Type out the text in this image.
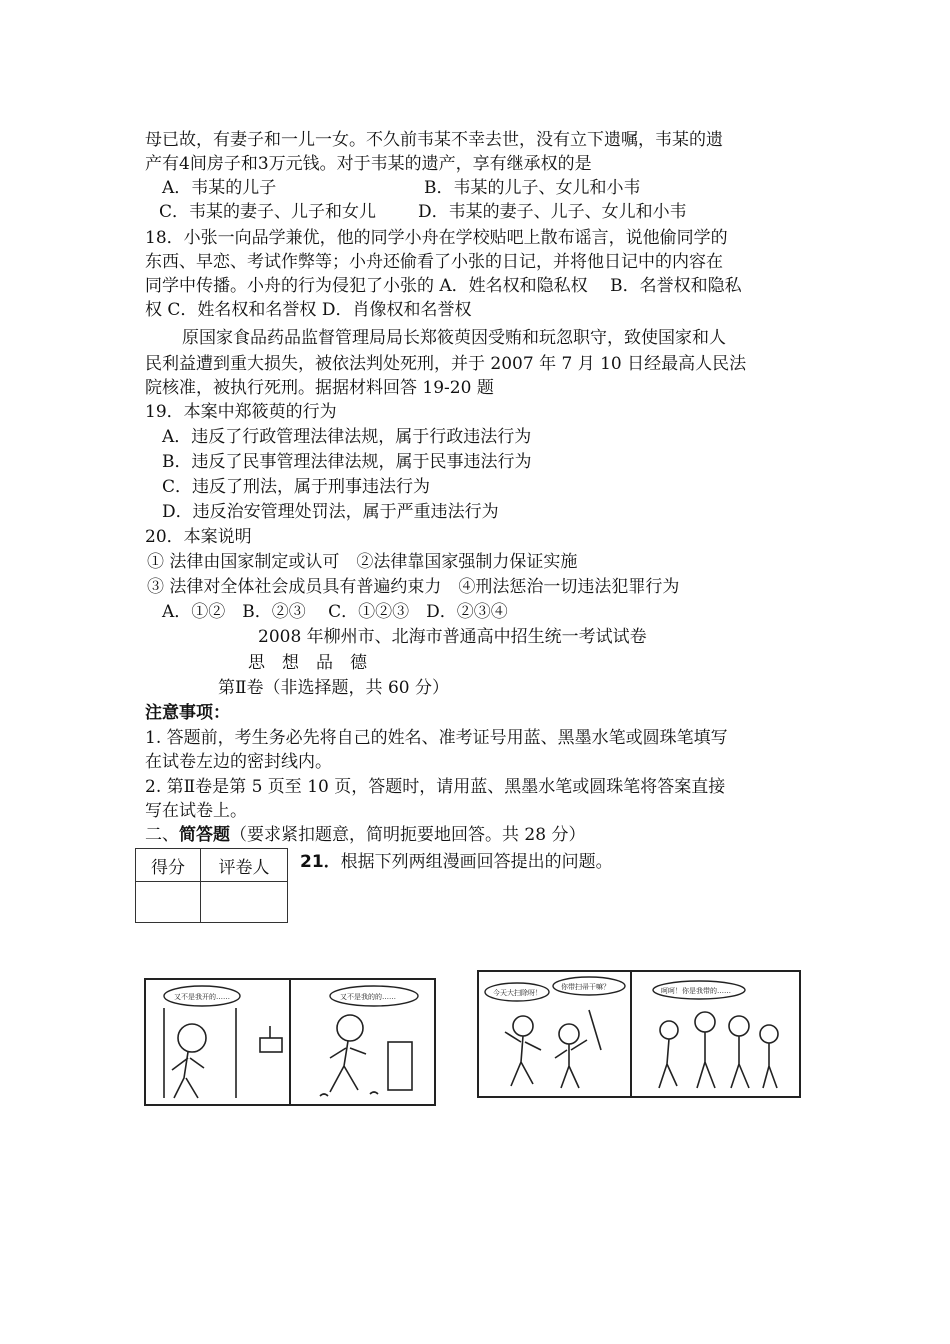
母已故，有妻子和一儿一女。不久前韦某不幸去世，没有立下遗嘱，韦某的遗
产有4间房子和3万元钱。对于韦某的遗产，享有继承权的是
A．韦某的儿子	B．韦某的儿子、女儿和小韦
C．韦某的妻子、儿子和女儿 D．韦某的妻子、儿子、女儿和小韦
18．小张一向品学兼优，他的同学小舟在学校贴吧上散布谣言，说他偷同学的
东西、早恋、考试作弊等；小舟还偷看了小张的日记，并将他日记中的内容在
同学中传播。小舟的行为侵犯了小张的 A．姓名权和隐私权　 B．名誉权和隐私
权 C．姓名权和名誉权 D．肖像权和名誉权
原国家食品药品监督管理局局长郑筱萸因受贿和玩忽职守，致使国家和人
民利益遭到重大损失，被依法判处死刑，并于 2007 年 7 月 10 日经最高人民法
院核准，被执行死刑。据据材料回答 19-20 题
19．本案中郑筱萸的行为
A．违反了行政管理法律法规，属于行政违法行为
B．违反了民事管理法律法规，属于民事违法行为
C．违反了刑法，属于刑事违法行为
D．违反治安管理处罚法，属于严重违法行为
20．本案说明
① 法律由国家制定或认可　②法律靠国家强制力保证实施
③ 法律对全体社会成员具有普遍约束力　④刑法惩治一切违法犯罪行为
A．①②　B．②③　 C．①②③　D．②③④
2008 年柳州市、北海市普通高中招生统一考试试卷
思　想　品　德
第Ⅱ卷（非选择题，共 60 分）
注意事项：
1. 答题前，考生务必先将自己的姓名、准考证号用蓝、黑墨水笔或圆珠笔填写
在试卷左边的密封线内。
2. 第Ⅱ卷是第 5 页至 10 页，答题时，请用蓝、黑墨水笔或圆珠笔将答案直接
写在试卷上。
二、简答题（要求紧扣题意，简明扼要地回答。共 28 分）
得分	评卷人
	21．根据下列两组漫画回答提出的问题。
又不是我开的……	又不是我的的……	今天大扫除呀！
你带扫帚干嘛？	呵呵！你是我带的……
